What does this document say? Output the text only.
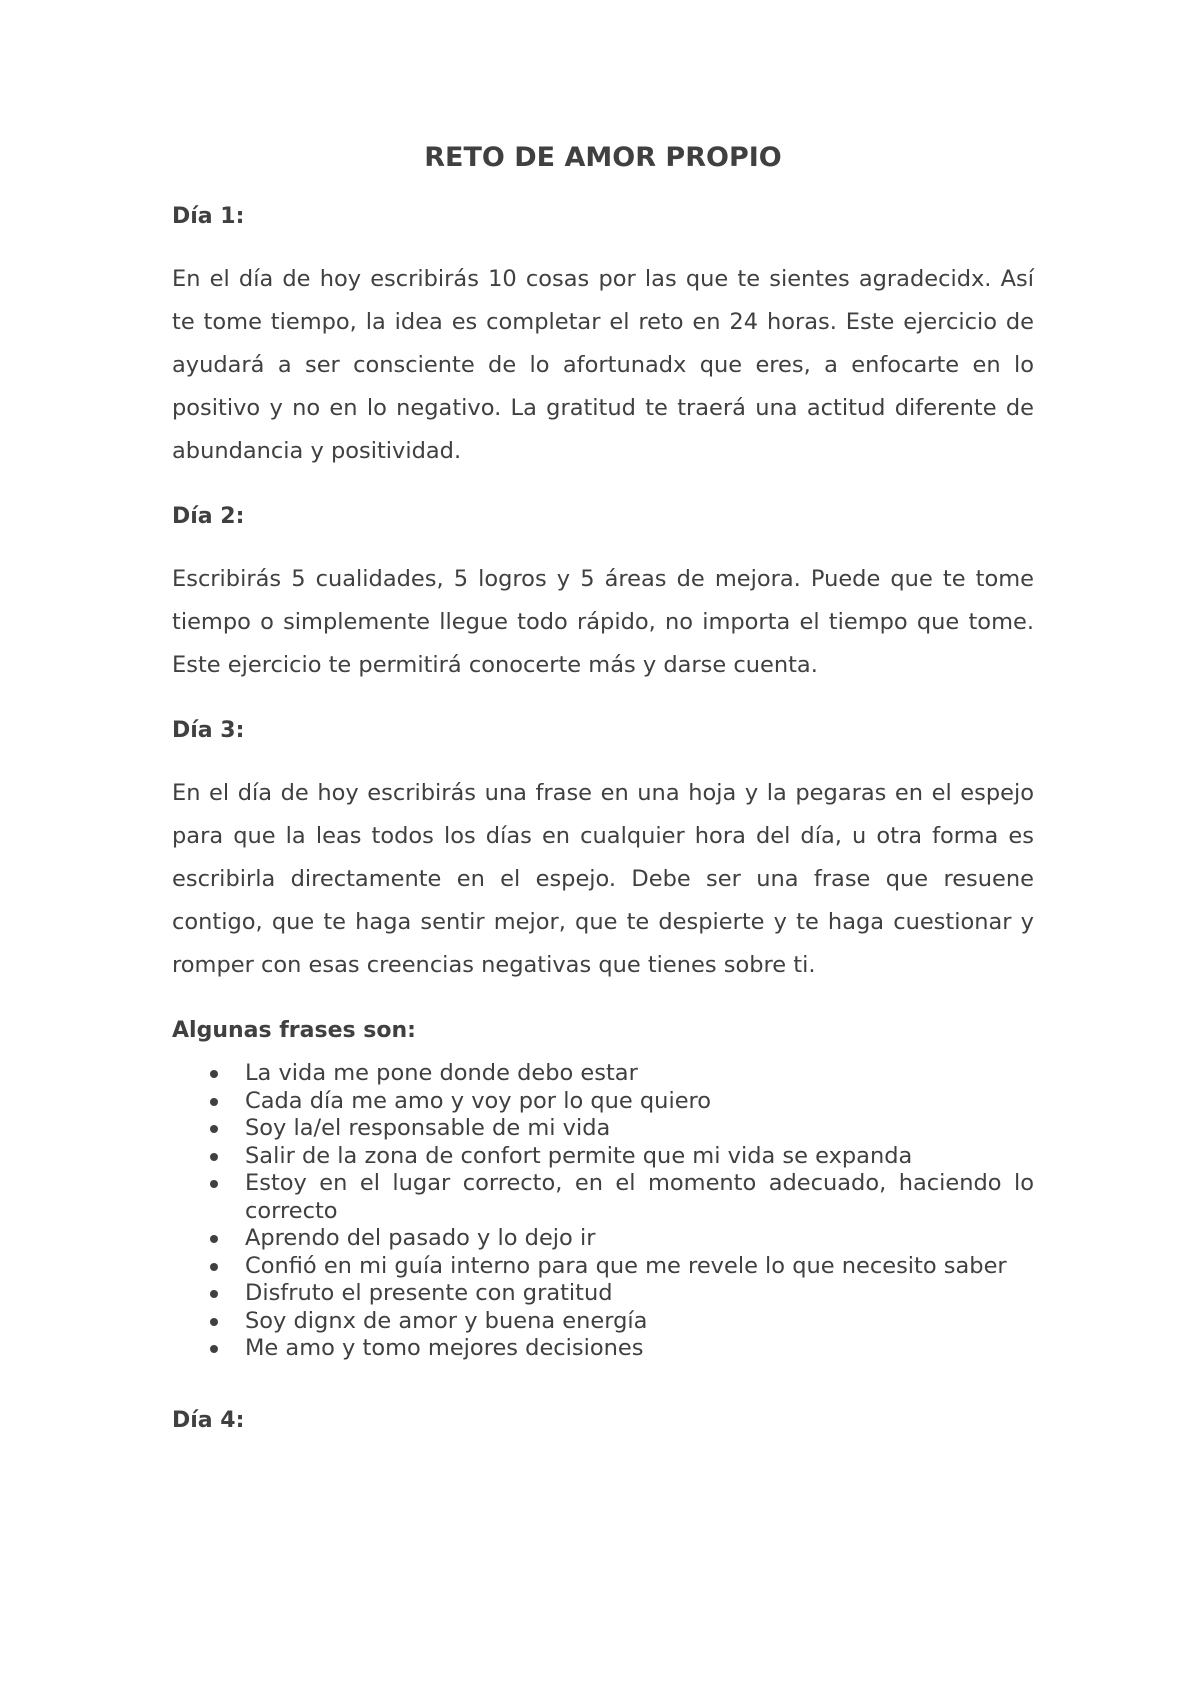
RETO DE AMOR PROPIO
Día 1:

En el día de hoy escribirás 10 cosas por las que te sientes agradecidx. Así te tome tiempo, la idea es completar el reto en 24 horas. Este ejercicio de ayudará a ser consciente de lo afortunadx que eres, a enfocarte en lo positivo y no en lo negativo. La gratitud te traerá una actitud diferente de abundancia y positividad.

Día 2:

Escribirás 5 cualidades, 5 logros y 5 áreas de mejora. Puede que te tome tiempo o simplemente llegue todo rápido, no importa el tiempo que tome. Este ejercicio te permitirá conocerte más y darse cuenta.

Día 3:

En el día de hoy escribirás una frase en una hoja y la pegaras en el espejo para que la leas todos los días en cualquier hora del día, u otra forma es escribirla directamente en el espejo. Debe ser una frase que resuene contigo, que te haga sentir mejor, que te despierte y te haga cuestionar y romper con esas creencias negativas que tienes sobre ti.

Algunas frases son:
La vida me pone donde debo estar
Cada día me amo y voy por lo que quiero
Soy la/el responsable de mi vida
Salir de la zona de confort permite que mi vida se expanda
Estoy en el lugar correcto, en el momento adecuado, haciendo lo correcto
Aprendo del pasado y lo dejo ir
Confió en mi guía interno para que me revele lo que necesito saber
Disfruto el presente con gratitud
Soy dignx de amor y buena energía
Me amo y tomo mejores decisiones
Día 4:
